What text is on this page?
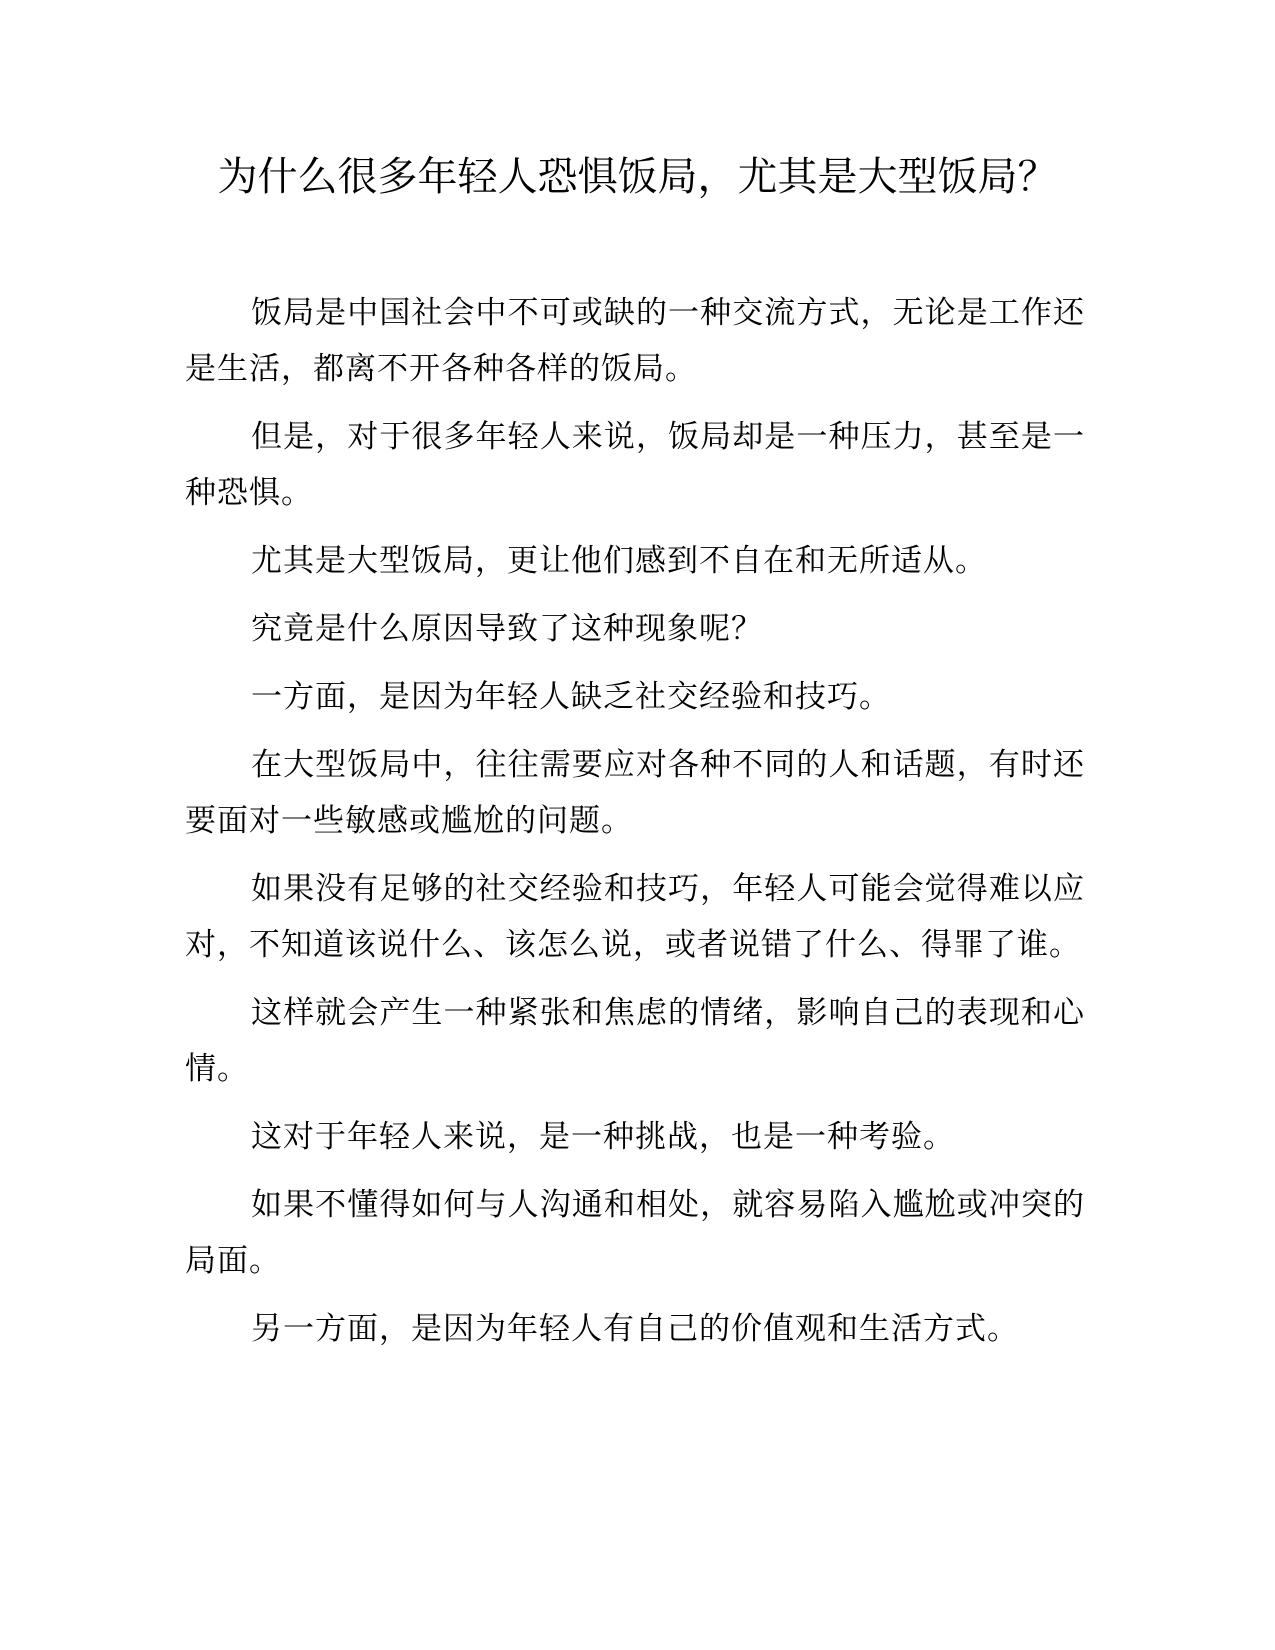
为什么很多年轻人恐惧饭局，尤其是大型饭局？

饭局是中国社会中不可或缺的一种交流方式，无论是工作还是生活，都离不开各种各样的饭局。

但是，对于很多年轻人来说，饭局却是一种压力，甚至是一种恐惧。

尤其是大型饭局，更让他们感到不自在和无所适从。

究竟是什么原因导致了这种现象呢？

一方面，是因为年轻人缺乏社交经验和技巧。

在大型饭局中，往往需要应对各种不同的人和话题，有时还要面对一些敏感或尴尬的问题。

如果没有足够的社交经验和技巧，年轻人可能会觉得难以应对，不知道该说什么、该怎么说，或者说错了什么、得罪了谁。

这样就会产生一种紧张和焦虑的情绪，影响自己的表现和心情。

这对于年轻人来说，是一种挑战，也是一种考验。

如果不懂得如何与人沟通和相处，就容易陷入尴尬或冲突的局面。

另一方面，是因为年轻人有自己的价值观和生活方式。
